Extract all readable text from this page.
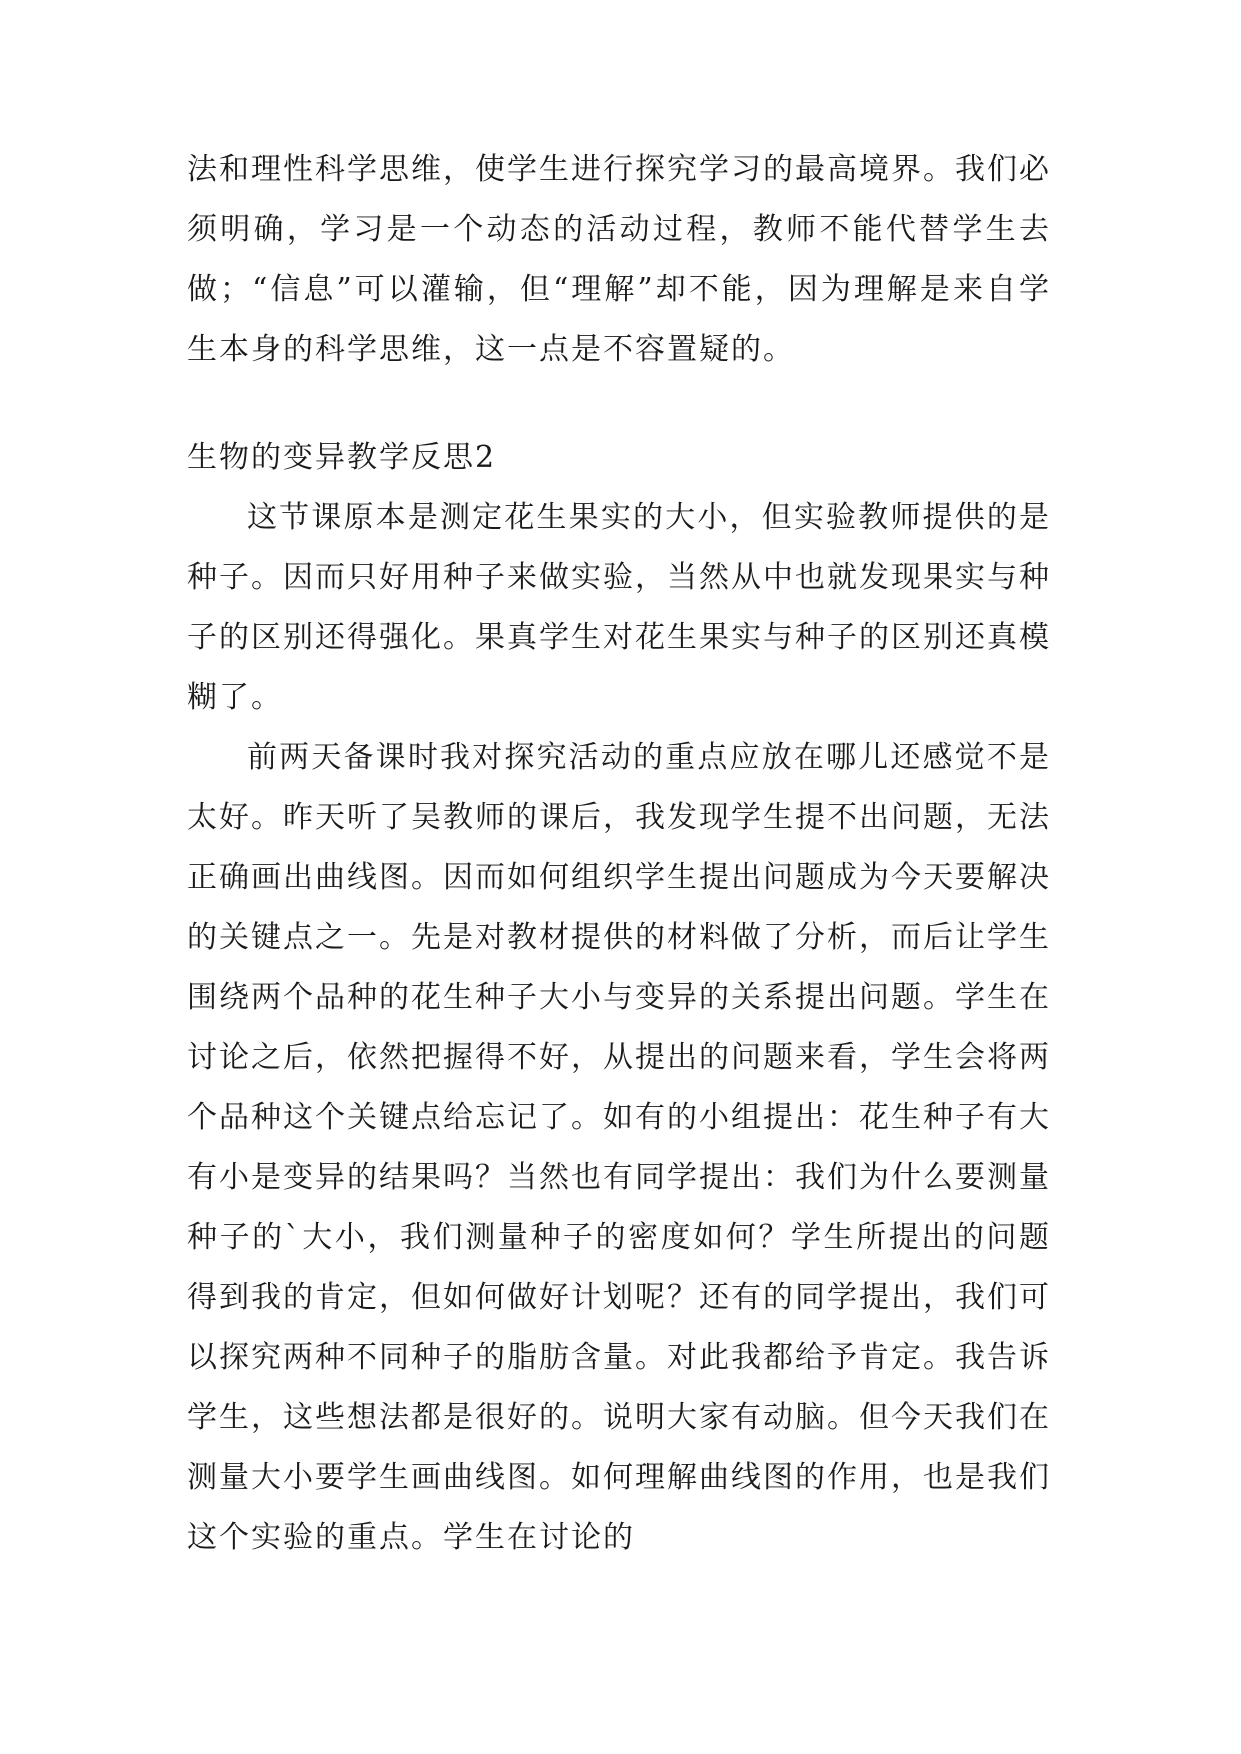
法和理性科学思维，使学生进行探究学习的最高境界。我们必须明确，学习是一个动态的活动过程，教师不能代替学生去做；“信息”可以灌输，但“理解”却不能，因为理解是来自学生本身的科学思维，这一点是不容置疑的。

生物的变异教学反思2

这节课原本是测定花生果实的大小，但实验教师提供的是种子。因而只好用种子来做实验，当然从中也就发现果实与种子的区别还得强化。果真学生对花生果实与种子的区别还真模糊了。

前两天备课时我对探究活动的重点应放在哪儿还感觉不是太好。昨天听了吴教师的课后，我发现学生提不出问题，无法正确画出曲线图。因而如何组织学生提出问题成为今天要解决的关键点之一。先是对教材提供的材料做了分析，而后让学生围绕两个品种的花生种子大小与变异的关系提出问题。学生在讨论之后，依然把握得不好，从提出的问题来看，学生会将两个品种这个关键点给忘记了。如有的小组提出：花生种子有大有小是变异的结果吗？当然也有同学提出：我们为什么要测量种子的`大小，我们测量种子的密度如何？学生所提出的问题得到我的肯定，但如何做好计划呢？还有的同学提出，我们可以探究两种不同种子的脂肪含量。对此我都给予肯定。我告诉学生，这些想法都是很好的。说明大家有动脑。但今天我们在测量大小要学生画曲线图。如何理解曲线图的作用，也是我们这个实验的重点。学生在讨论的
